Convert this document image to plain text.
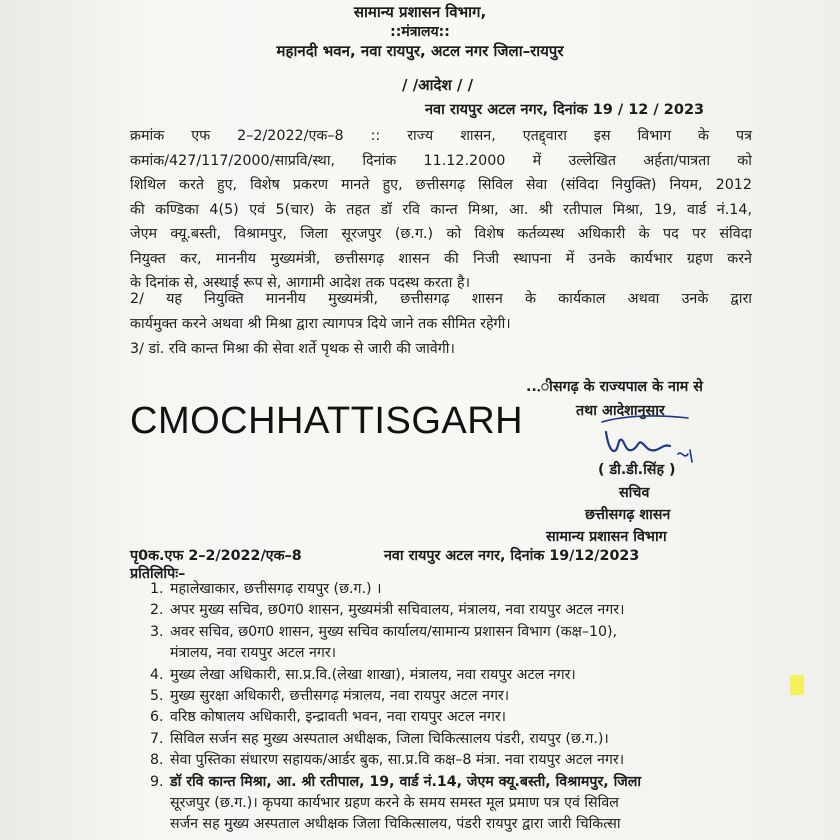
सामान्य प्रशासन विभाग,
::मंत्रालय::
महानदी भवन, नवा रायपुर, अटल नगर जिला–रायपुर
/ /आदेश / /
नवा रायपुर अटल नगर, दिनांक 19 / 12 / 2023
क्रमांक एफ 2–2/2022/एक–8 :: राज्य शासन, एतद्द्वारा इस विभाग के पत्र
कमांक/427/117/2000/साप्रवि/स्था, दिनांक 11.12.2000 में उल्लेखित अर्हता/पात्रता को
शिथिल करते हुए, विशेष प्रकरण मानते हुए, छत्तीसगढ़ सिविल सेवा (संविदा नियुक्ति) नियम, 2012
की कण्डिका 4(5) एवं 5(चार) के तहत डॉ रवि कान्त मिश्रा, आ. श्री रतीपाल मिश्रा, 19, वार्ड नं.14,
जेएम क्यू.बस्ती, विश्रामपुर, जिला सूरजपुर (छ.ग.) को विशेष कर्तव्यस्थ अधिकारी के पद पर संविदा
नियुक्त कर, माननीय मुख्यमंत्री, छत्तीसगढ़ शासन की निजी स्थापना में उनके कार्यभार ग्रहण करने
के दिनांक से, अस्थाई रूप से, आगामी आदेश तक पदस्थ करता है।
2/ यह नियुक्ति माननीय मुख्यमंत्री, छत्तीसगढ़ शासन के कार्यकाल अथवा उनके द्वारा
कार्यमुक्त करने अथवा श्री मिश्रा द्वारा त्यागपत्र दिये जाने तक सीमित रहेगी।
3/ डां. रवि कान्त मिश्रा की सेवा शर्ते पृथक से जारी की जावेगी।
...ीसगढ़ के राज्यपाल के नाम से
तथा आदेशानुसार
( डी.डी.सिंह )
सचिव
छत्तीसगढ़ शासन
सामान्य प्रशासन विभाग
CMOCHHATTISGARH
पृ0क.एफ 2–2/2022/एक–8	नवा रायपुर अटल नगर, दिनांक 19/12/2023
प्रतिलिपिः–
1. महालेखाकार, छत्तीसगढ़ रायपुर (छ.ग.) ।
2. अपर मुख्य सचिव, छ0ग0 शासन, मुख्यमंत्री सचिवालय, मंत्रालय, नवा रायपुर अटल नगर।
3. अवर सचिव, छ0ग0 शासन, मुख्य सचिव कार्यालय/सामान्य प्रशासन विभाग (कक्ष–10),
मंत्रालय, नवा रायपुर अटल नगर।
4. मुख्य लेखा अधिकारी, सा.प्र.वि.(लेखा शाखा), मंत्रालय, नवा रायपुर अटल नगर।
5. मुख्य सुरक्षा अधिकारी, छत्तीसगढ़ मंत्रालय, नवा रायपुर अटल नगर।
6. वरिष्ठ कोषालय अधिकारी, इन्द्रावती भवन, नवा रायपुर अटल नगर।
7. सिविल सर्जन सह मुख्य अस्पताल अधीक्षक, जिला चिकित्सालय पंडरी, रायपुर (छ.ग.)।
8. सेवा पुस्तिका संधारण सहायक/आर्डर बुक, सा.प्र.वि कक्ष–8 मंत्रा. नवा रायपुर अटल नगर।
9. डॉ रवि कान्त मिश्रा, आ. श्री रतीपाल, 19, वार्ड नं.14, जेएम क्यू.बस्ती, विश्रामपुर, जिला
सूरजपुर (छ.ग.)। कृपया कार्यभार ग्रहण करने के समय समस्त मूल प्रमाण पत्र एवं सिविल
सर्जन सह मुख्य अस्पताल अधीक्षक जिला चिकित्सालय, पंडरी रायपुर द्वारा जारी चिकित्सा
